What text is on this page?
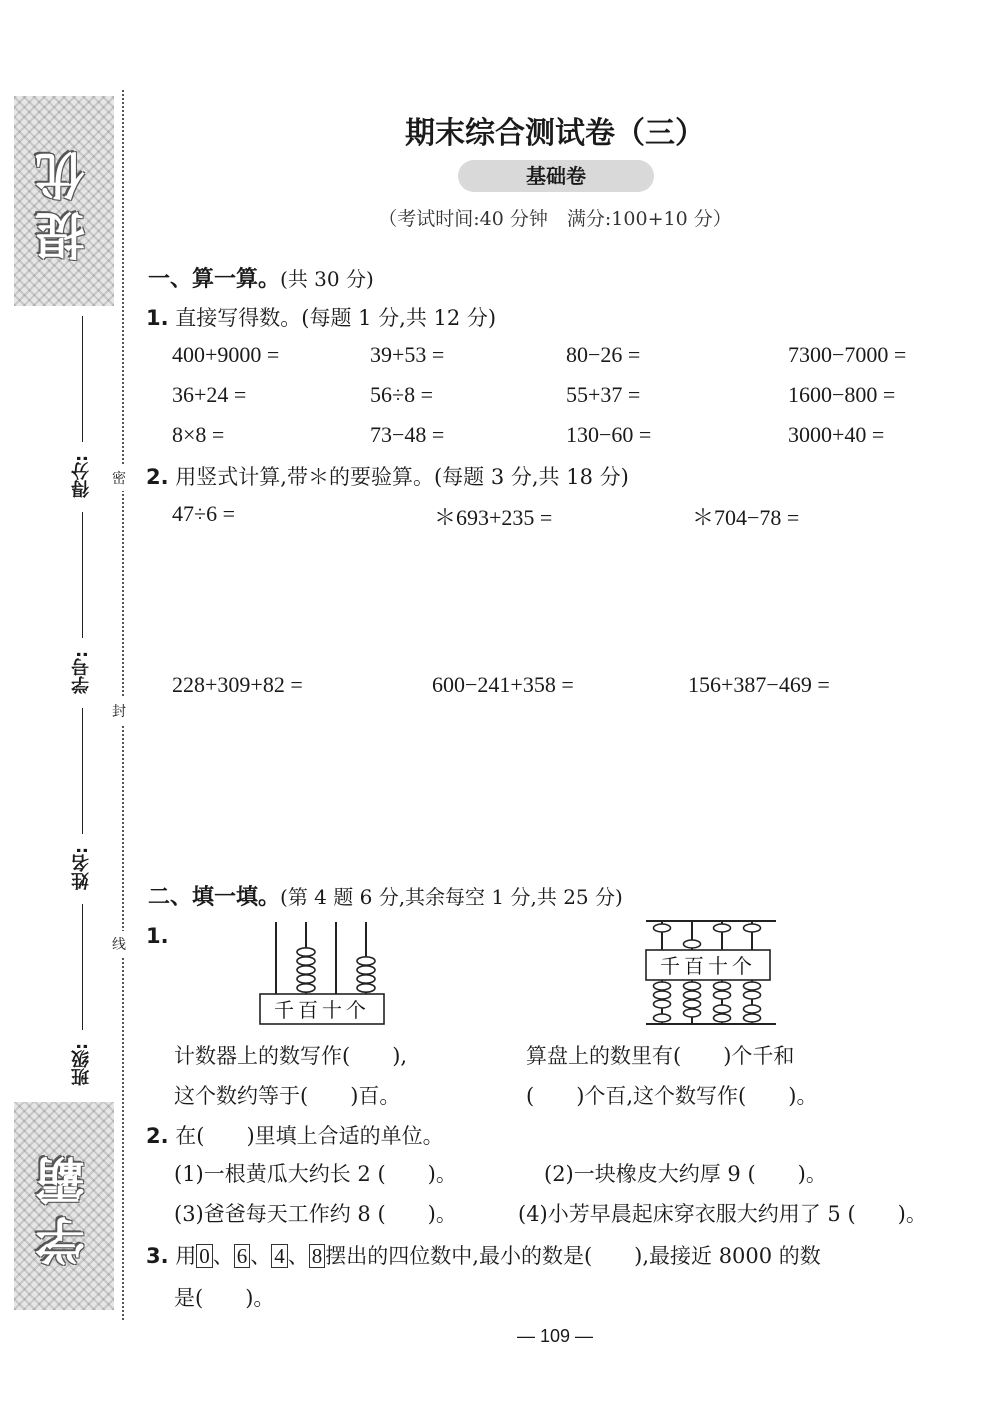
提优
学霸
得分:
学号:
姓名:
班级:
密
封
线
期末综合测试卷（三）
基础卷
（考试时间:40 分钟　满分:100+10 分）
一、算一算。(共 30 分)
1. 直接写得数。(每题 1 分,共 12 分)
400+9000 =	39+53 =	80−26 =	7300−7000 =
36+24 =	56÷8 =	55+37 =	1600−800 =
8×8 =	73−48 =	130−60 =	3000+40 =
2. 用竖式计算,带＊的要验算。(每题 3 分,共 18 分)
47÷6 =	＊693+235 =	＊704−78 =
228+309+82 =	600−241+358 =	156+387−469 =
二、填一填。(第 4 题 6 分,其余每空 1 分,共 25 分)
1.
千百十个
千百十个
计数器上的数写作(　　),	算盘上的数里有(　　)个千和
这个数约等于(　　)百。	(　　)个百,这个数写作(　　)。
2. 在(　　)里填上合适的单位。
(1)一根黄瓜大约长 2 (　　)。	(2)一块橡皮大约厚 9 (　　)。
(3)爸爸每天工作约 8 (　　)。	(4)小芳早晨起床穿衣服大约用了 5 (　　)。
3. 用 0 、 6 、 4 、 8 摆出的四位数中,最小的数是(　　),最接近 8000 的数
是(　　)。
— 109 —
